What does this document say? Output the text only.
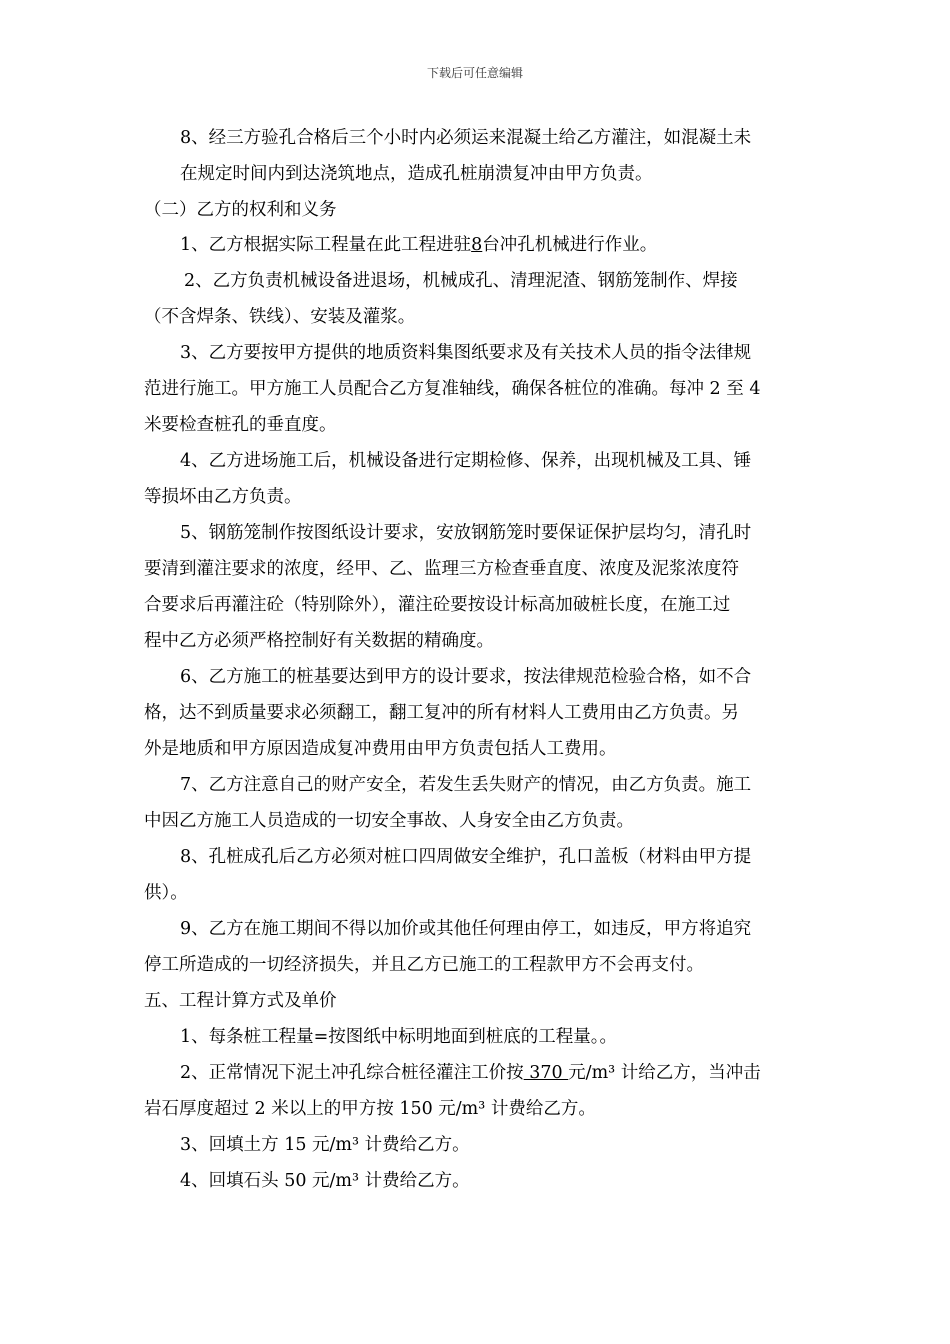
下载后可任意编辑
8、经三方验孔合格后三个小时内必须运来混凝土给乙方灌注，如混凝土未
在规定时间内到达浇筑地点，造成孔桩崩溃复冲由甲方负责。
（二）乙方的权利和义务
1、乙方根据实际工程量在此工程进驻8台冲孔机械进行作业。
2、乙方负责机械设备进退场，机械成孔、清理泥渣、钢筋笼制作、焊接
（不含焊条、铁线）、安装及灌浆。
3、乙方要按甲方提供的地质资料集图纸要求及有关技术人员的指令法律规
范进行施工。甲方施工人员配合乙方复准轴线，确保各桩位的准确。每冲 2 至 4
米要检查桩孔的垂直度。
4、乙方进场施工后，机械设备进行定期检修、保养，出现机械及工具、锤
等损坏由乙方负责。
5、钢筋笼制作按图纸设计要求，安放钢筋笼时要保证保护层均匀，清孔时
要清到灌注要求的浓度，经甲、乙、监理三方检查垂直度、浓度及泥浆浓度符
合要求后再灌注砼（特别除外），灌注砼要按设计标高加破桩长度，在施工过
程中乙方必须严格控制好有关数据的精确度。
6、乙方施工的桩基要达到甲方的设计要求，按法律规范检验合格，如不合
格，达不到质量要求必须翻工，翻工复冲的所有材料人工费用由乙方负责。另
外是地质和甲方原因造成复冲费用由甲方负责包括人工费用。
7、乙方注意自己的财产安全，若发生丢失财产的情况，由乙方负责。施工
中因乙方施工人员造成的一切安全事故、人身安全由乙方负责。
8、孔桩成孔后乙方必须对桩口四周做安全维护，孔口盖板（材料由甲方提
供）。
9、乙方在施工期间不得以加价或其他任何理由停工，如违反，甲方将追究
停工所造成的一切经济损失，并且乙方已施工的工程款甲方不会再支付。
五、工程计算方式及单价
1、每条桩工程量=按图纸中标明地面到桩底的工程量。。
2、正常情况下泥土冲孔综合桩径灌注工价按 370 元/m³ 计给乙方，当冲击
岩石厚度超过 2 米以上的甲方按 150 元/m³ 计费给乙方。
3、回填土方 15 元/m³ 计费给乙方。
4、回填石头 50 元/m³ 计费给乙方。
